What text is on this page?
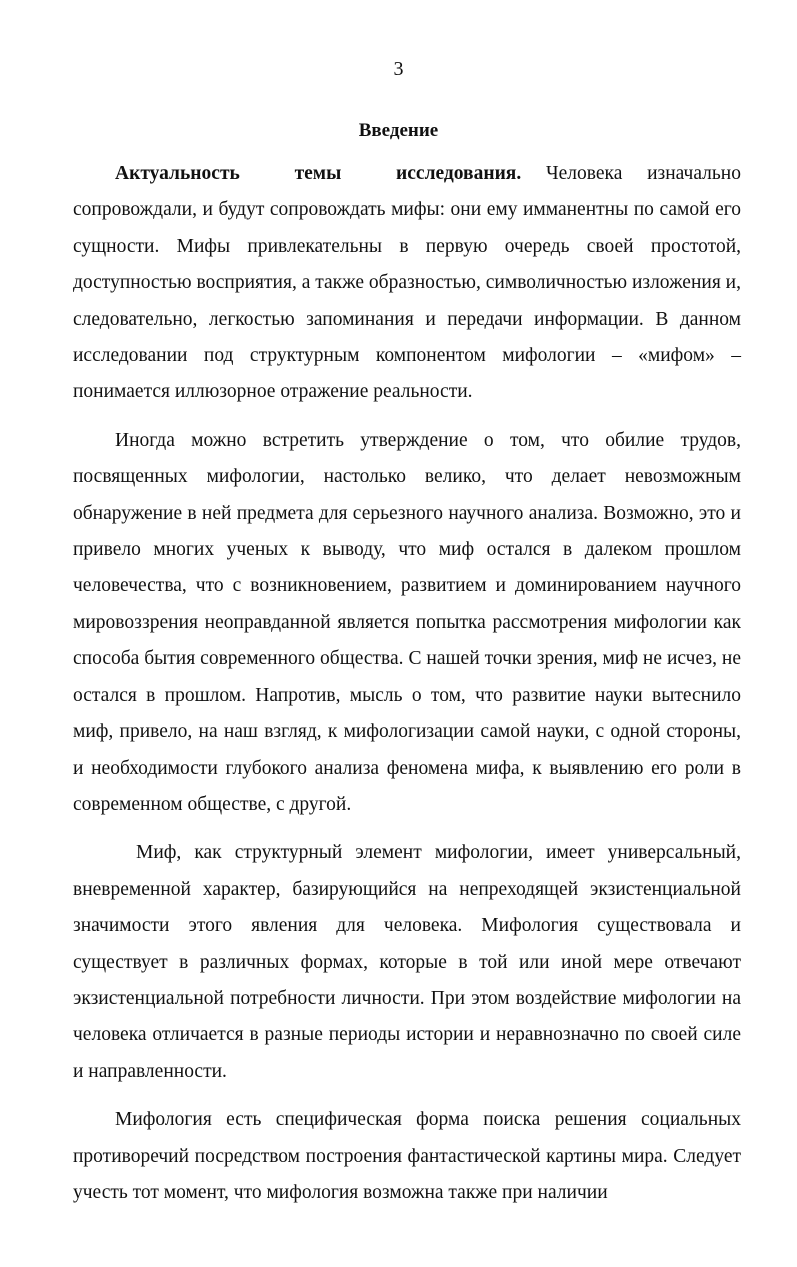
3
Введение

Актуальность темы исследования. Человека изначально сопровождали, и будут сопровождать мифы: они ему имманентны по самой его сущности. Мифы привлекательны в первую очередь своей простотой, доступностью восприятия, а также образностью, символичностью изложения и, следовательно, легкостью запоминания и передачи информации. В данном исследовании под структурным компонентом мифологии – «мифом» – понимается иллюзорное отражение реальности.

Иногда можно встретить утверждение о том, что обилие трудов, посвященных мифологии, настолько велико, что делает невозможным обнаружение в ней предмета для серьезного научного анализа. Возможно, это и привело многих ученых к выводу, что миф остался в далеком прошлом человечества, что с возникновением, развитием и доминированием научного мировоззрения неоправданной является попытка рассмотрения мифологии как способа бытия современного общества. С нашей точки зрения, миф не исчез, не остался в прошлом. Напротив, мысль о том, что развитие науки вытеснило миф, привело, на наш взгляд, к мифологизации самой науки, с одной стороны, и необходимости глубокого анализа феномена мифа, к выявлению его роли в современном обществе, с другой.

Миф, как структурный элемент мифологии, имеет универсальный, вневременной характер, базирующийся на непреходящей экзистенциальной значимости этого явления для человека. Мифология существовала и существует в различных формах, которые в той или иной мере отвечают экзистенциальной потребности личности. При этом воздействие мифологии на человека отличается в разные периоды истории и неравнозначно по своей силе и направленности.

Мифология есть специфическая форма поиска решения социальных противоречий посредством построения фантастической картины мира. Следует учесть тот момент, что мифология возможна также при наличии
